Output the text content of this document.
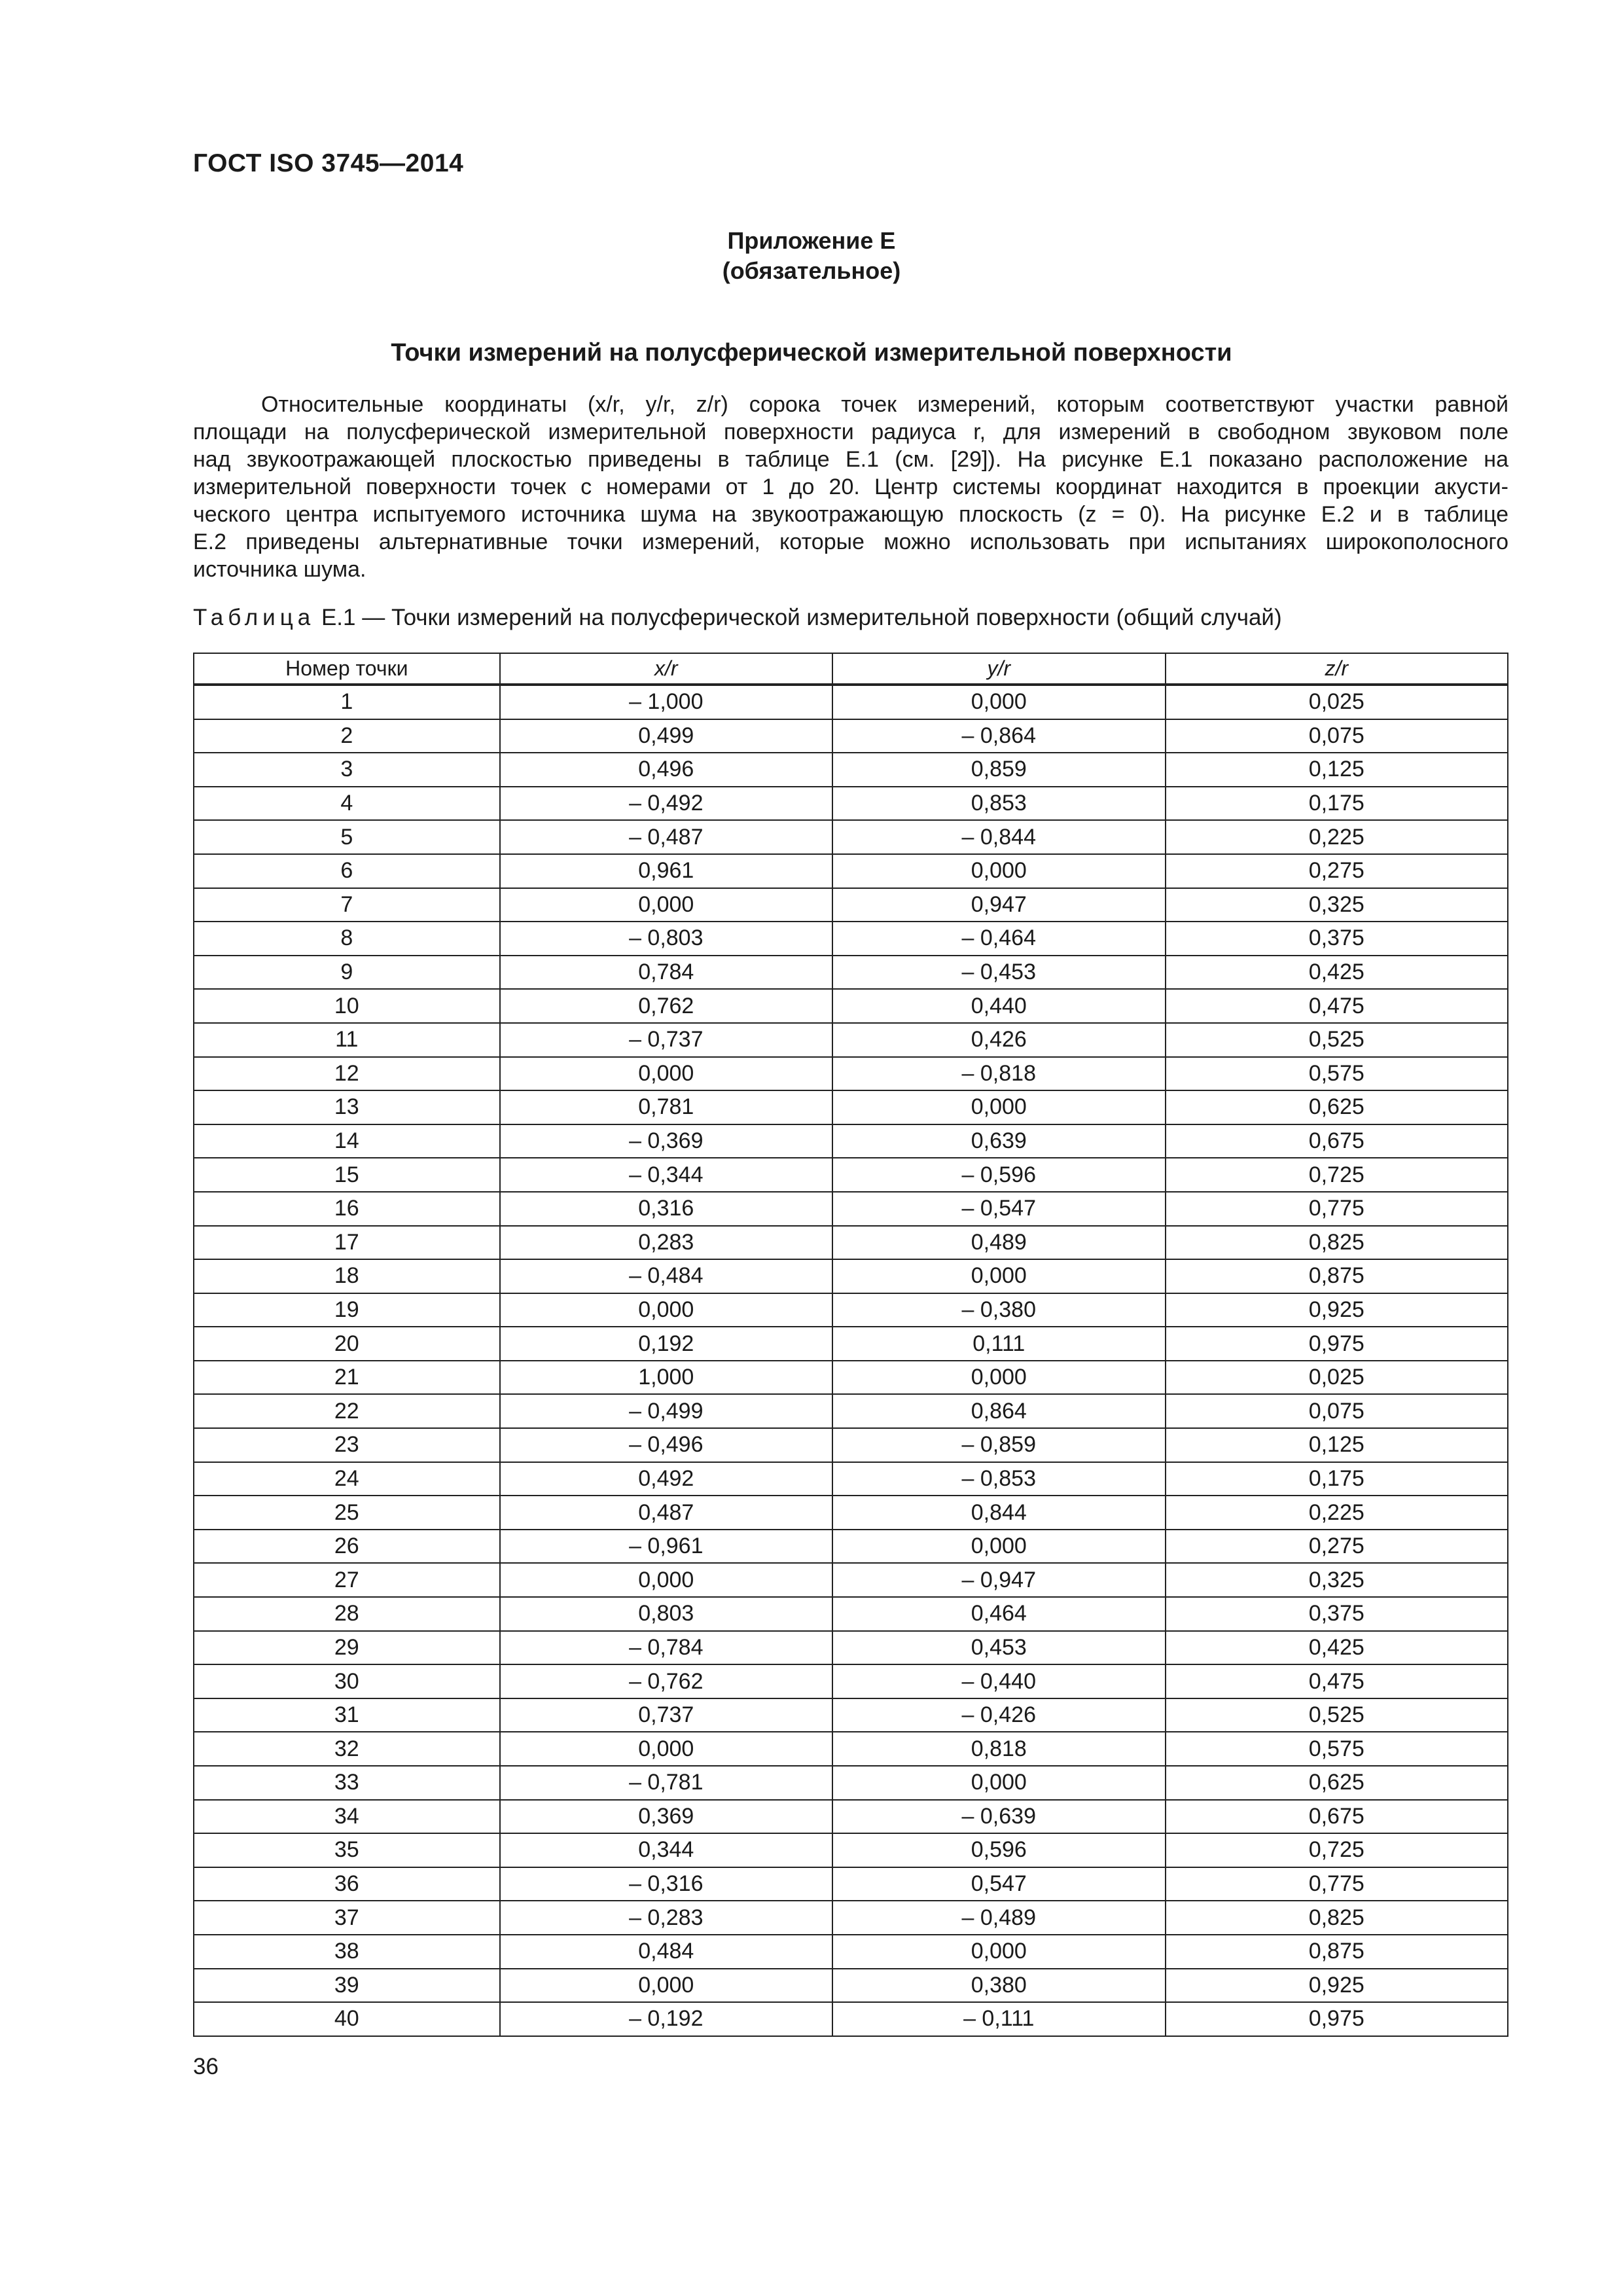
ГОСТ ISO 3745—2014
Приложение Е
(обязательное)
Точки измерений на полусферической измерительной поверхности
Относительные координаты (x/r, y/r, z/r) сорока точек измерений, которым соответствуют участки равной
площади на полусферической измерительной поверхности радиуса r, для измерений в свободном звуковом поле
над звукоотражающей плоскостью приведены в таблице Е.1 (см. [29]). На рисунке Е.1 показано расположение на
измерительной поверхности точек с номерами от 1 до 20. Центр системы координат находится в проекции акусти-
ческого центра испытуемого источника шума на звукоотражающую плоскость (z = 0). На рисунке Е.2 и в таблице
Е.2 приведены альтернативные точки измерений, которые можно использовать при испытаниях широкополосного
источника шума.
Таблица Е.1 — Точки измерений на полусферической измерительной поверхности (общий случай)
Номер точки	x/r	y/r	z/r
1	– 1,000	0,000	0,025
2	0,499	– 0,864	0,075
3	0,496	0,859	0,125
4	– 0,492	0,853	0,175
5	– 0,487	– 0,844	0,225
6	0,961	0,000	0,275
7	0,000	0,947	0,325
8	– 0,803	– 0,464	0,375
9	0,784	– 0,453	0,425
10	0,762	0,440	0,475
11	– 0,737	0,426	0,525
12	0,000	– 0,818	0,575
13	0,781	0,000	0,625
14	– 0,369	0,639	0,675
15	– 0,344	– 0,596	0,725
16	0,316	– 0,547	0,775
17	0,283	0,489	0,825
18	– 0,484	0,000	0,875
19	0,000	– 0,380	0,925
20	0,192	0,111	0,975
21	1,000	0,000	0,025
22	– 0,499	0,864	0,075
23	– 0,496	– 0,859	0,125
24	0,492	– 0,853	0,175
25	0,487	0,844	0,225
26	– 0,961	0,000	0,275
27	0,000	– 0,947	0,325
28	0,803	0,464	0,375
29	– 0,784	0,453	0,425
30	– 0,762	– 0,440	0,475
31	0,737	– 0,426	0,525
32	0,000	0,818	0,575
33	– 0,781	0,000	0,625
34	0,369	– 0,639	0,675
35	0,344	0,596	0,725
36	– 0,316	0,547	0,775
37	– 0,283	– 0,489	0,825
38	0,484	0,000	0,875
39	0,000	0,380	0,925
40	– 0,192	– 0,111	0,975
36
